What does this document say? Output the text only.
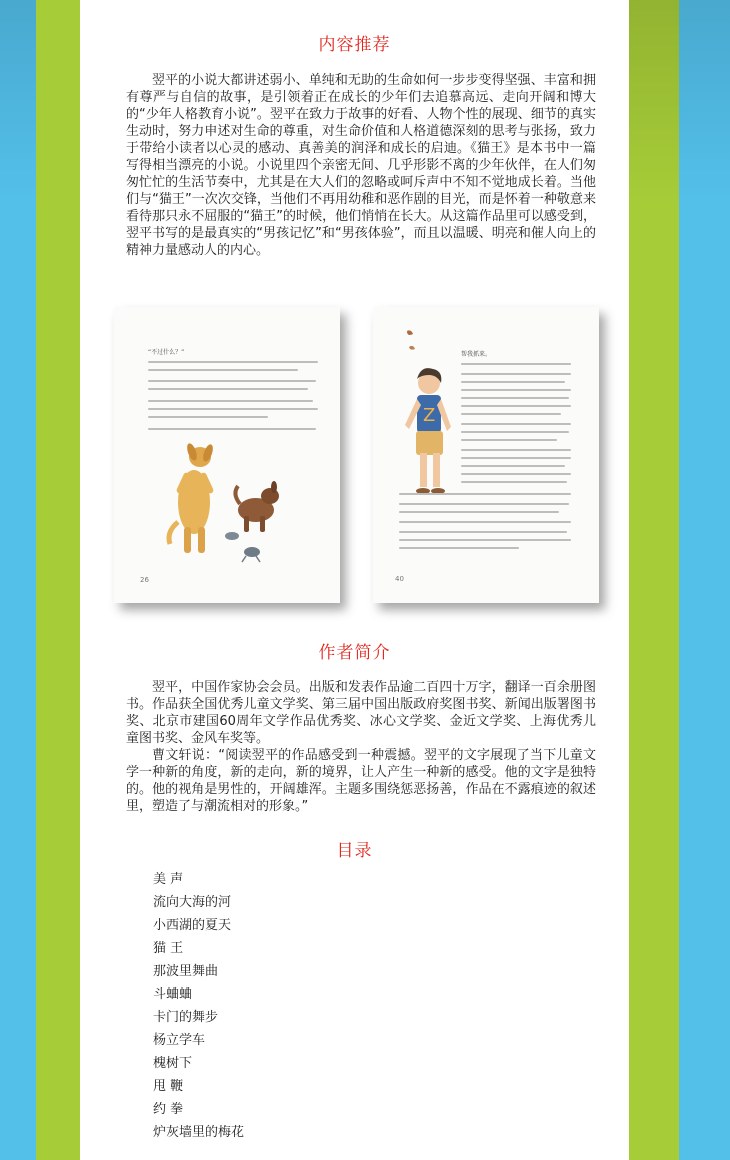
内容推荐

翌平的小说大都讲述弱小、单纯和无助的生命如何一步步变得坚强、丰富和拥有尊严与自信的故事，是引领着正在成长的少年们去追慕高远、走向开阔和博大的“少年人格教育小说”。翌平在致力于故事的好看、人物个性的展现、细节的真实生动时，努力申述对生命的尊重，对生命价值和人格道德深刻的思考与张扬，致力于带给小读者以心灵的感动、真善美的润泽和成长的启迪。《猫王》是本书中一篇写得相当漂亮的小说。小说里四个亲密无间、几乎形影不离的少年伙伴，在人们匆匆忙忙的生活节奏中，尤其是在大人们的忽略或呵斥声中不知不觉地成长着。当他们与“猫王”一次次交锋，当他们不再用幼稚和恶作剧的目光，而是怀着一种敬意来看待那只永不屈服的“猫王”的时候，他们悄悄在长大。从这篇作品里可以感受到，翌平书写的是最真实的“男孩记忆”和“男孩体验”，而且以温暖、明亮和催人向上的精神力量感动人的内心。

“不过什么？”
26
Z
帮我抓来。
40
作者简介

翌平，中国作家协会会员。出版和发表作品逾二百四十万字，翻译一百余册图书。作品获全国优秀儿童文学奖、第三届中国出版政府奖图书奖、新闻出版署图书奖、北京市建国60周年文学作品优秀奖、冰心文学奖、金近文学奖、上海优秀儿童图书奖、金风车奖等。

曹文轩说：“阅读翌平的作品感受到一种震撼。翌平的文字展现了当下儿童文学一种新的角度，新的走向，新的境界，让人产生一种新的感受。他的文字是独特的。他的视角是男性的，开阔雄浑。主题多围绕惩恶扬善，作品在不露痕迹的叙述里，塑造了与潮流相对的形象。”

目录
美 声
流向大海的河
小西湖的夏天
猫 王
那波里舞曲
斗蛐蛐
卡门的舞步
杨立学车
槐树下
甩 鞭
约 拳
炉灰墙里的梅花
